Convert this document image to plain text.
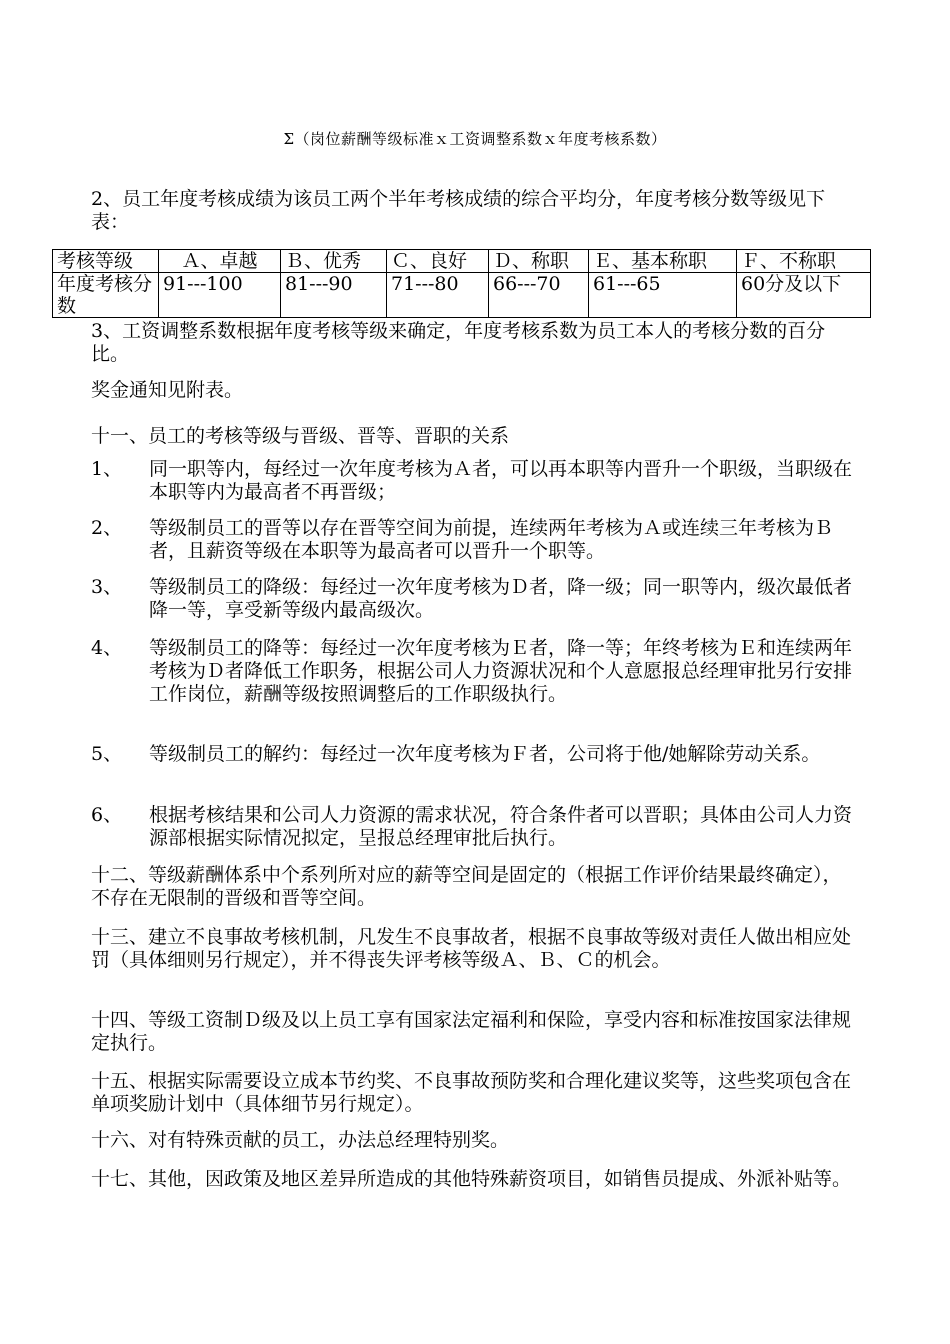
Σ（岗位薪酬等级标准ｘ工资调整系数ｘ年度考核系数）

2、员工年度考核成绩为该员工两个半年考核成绩的综合平均分，年度考核分数等级见下表：

考核等级	Ａ、卓越	Ｂ、优秀	Ｃ、良好	Ｄ、称职	Ｅ、基本称职	Ｆ、不称职
年度考核分数	91---100	81---90	71---80	66---70	61---65	60分及以下

3、工资调整系数根据年度考核等级来确定，年度考核系数为员工本人的考核分数的百分比。

奖金通知见附表。

十一、员工的考核等级与晋级、晋等、晋职的关系

1、 同一职等内，每经过一次年度考核为Ａ者，可以再本职等内晋升一个职级，当职级在本职等内为最高者不再晋级；
2、 等级制员工的晋等以存在晋等空间为前提，连续两年考核为Ａ或连续三年考核为Ｂ者，且薪资等级在本职等为最高者可以晋升一个职等。
3、 等级制员工的降级：每经过一次年度考核为Ｄ者，降一级；同一职等内，级次最低者降一等，享受新等级内最高级次。
4、 等级制员工的降等：每经过一次年度考核为Ｅ者，降一等；年终考核为Ｅ和连续两年考核为Ｄ者降低工作职务，根据公司人力资源状况和个人意愿报总经理审批另行安排工作岗位，薪酬等级按照调整后的工作职级执行。
5、 等级制员工的解约：每经过一次年度考核为Ｆ者，公司将于他/她解除劳动关系。
6、 根据考核结果和公司人力资源的需求状况，符合条件者可以晋职；具体由公司人力资源部根据实际情况拟定，呈报总经理审批后执行。

十二、等级薪酬体系中个系列所对应的薪等空间是固定的（根据工作评价结果最终确定），不存在无限制的晋级和晋等空间。

十三、建立不良事故考核机制，凡发生不良事故者，根据不良事故等级对责任人做出相应处罚（具体细则另行规定），并不得丧失评考核等级Ａ、Ｂ、Ｃ的机会。

十四、等级工资制Ｄ级及以上员工享有国家法定福利和保险，享受内容和标准按国家法律规定执行。

十五、根据实际需要设立成本节约奖、不良事故预防奖和合理化建议奖等，这些奖项包含在单项奖励计划中（具体细节另行规定）。

十六、对有特殊贡献的员工，办法总经理特别奖。

十七、其他，因政策及地区差异所造成的其他特殊薪资项目，如销售员提成、外派补贴等。
